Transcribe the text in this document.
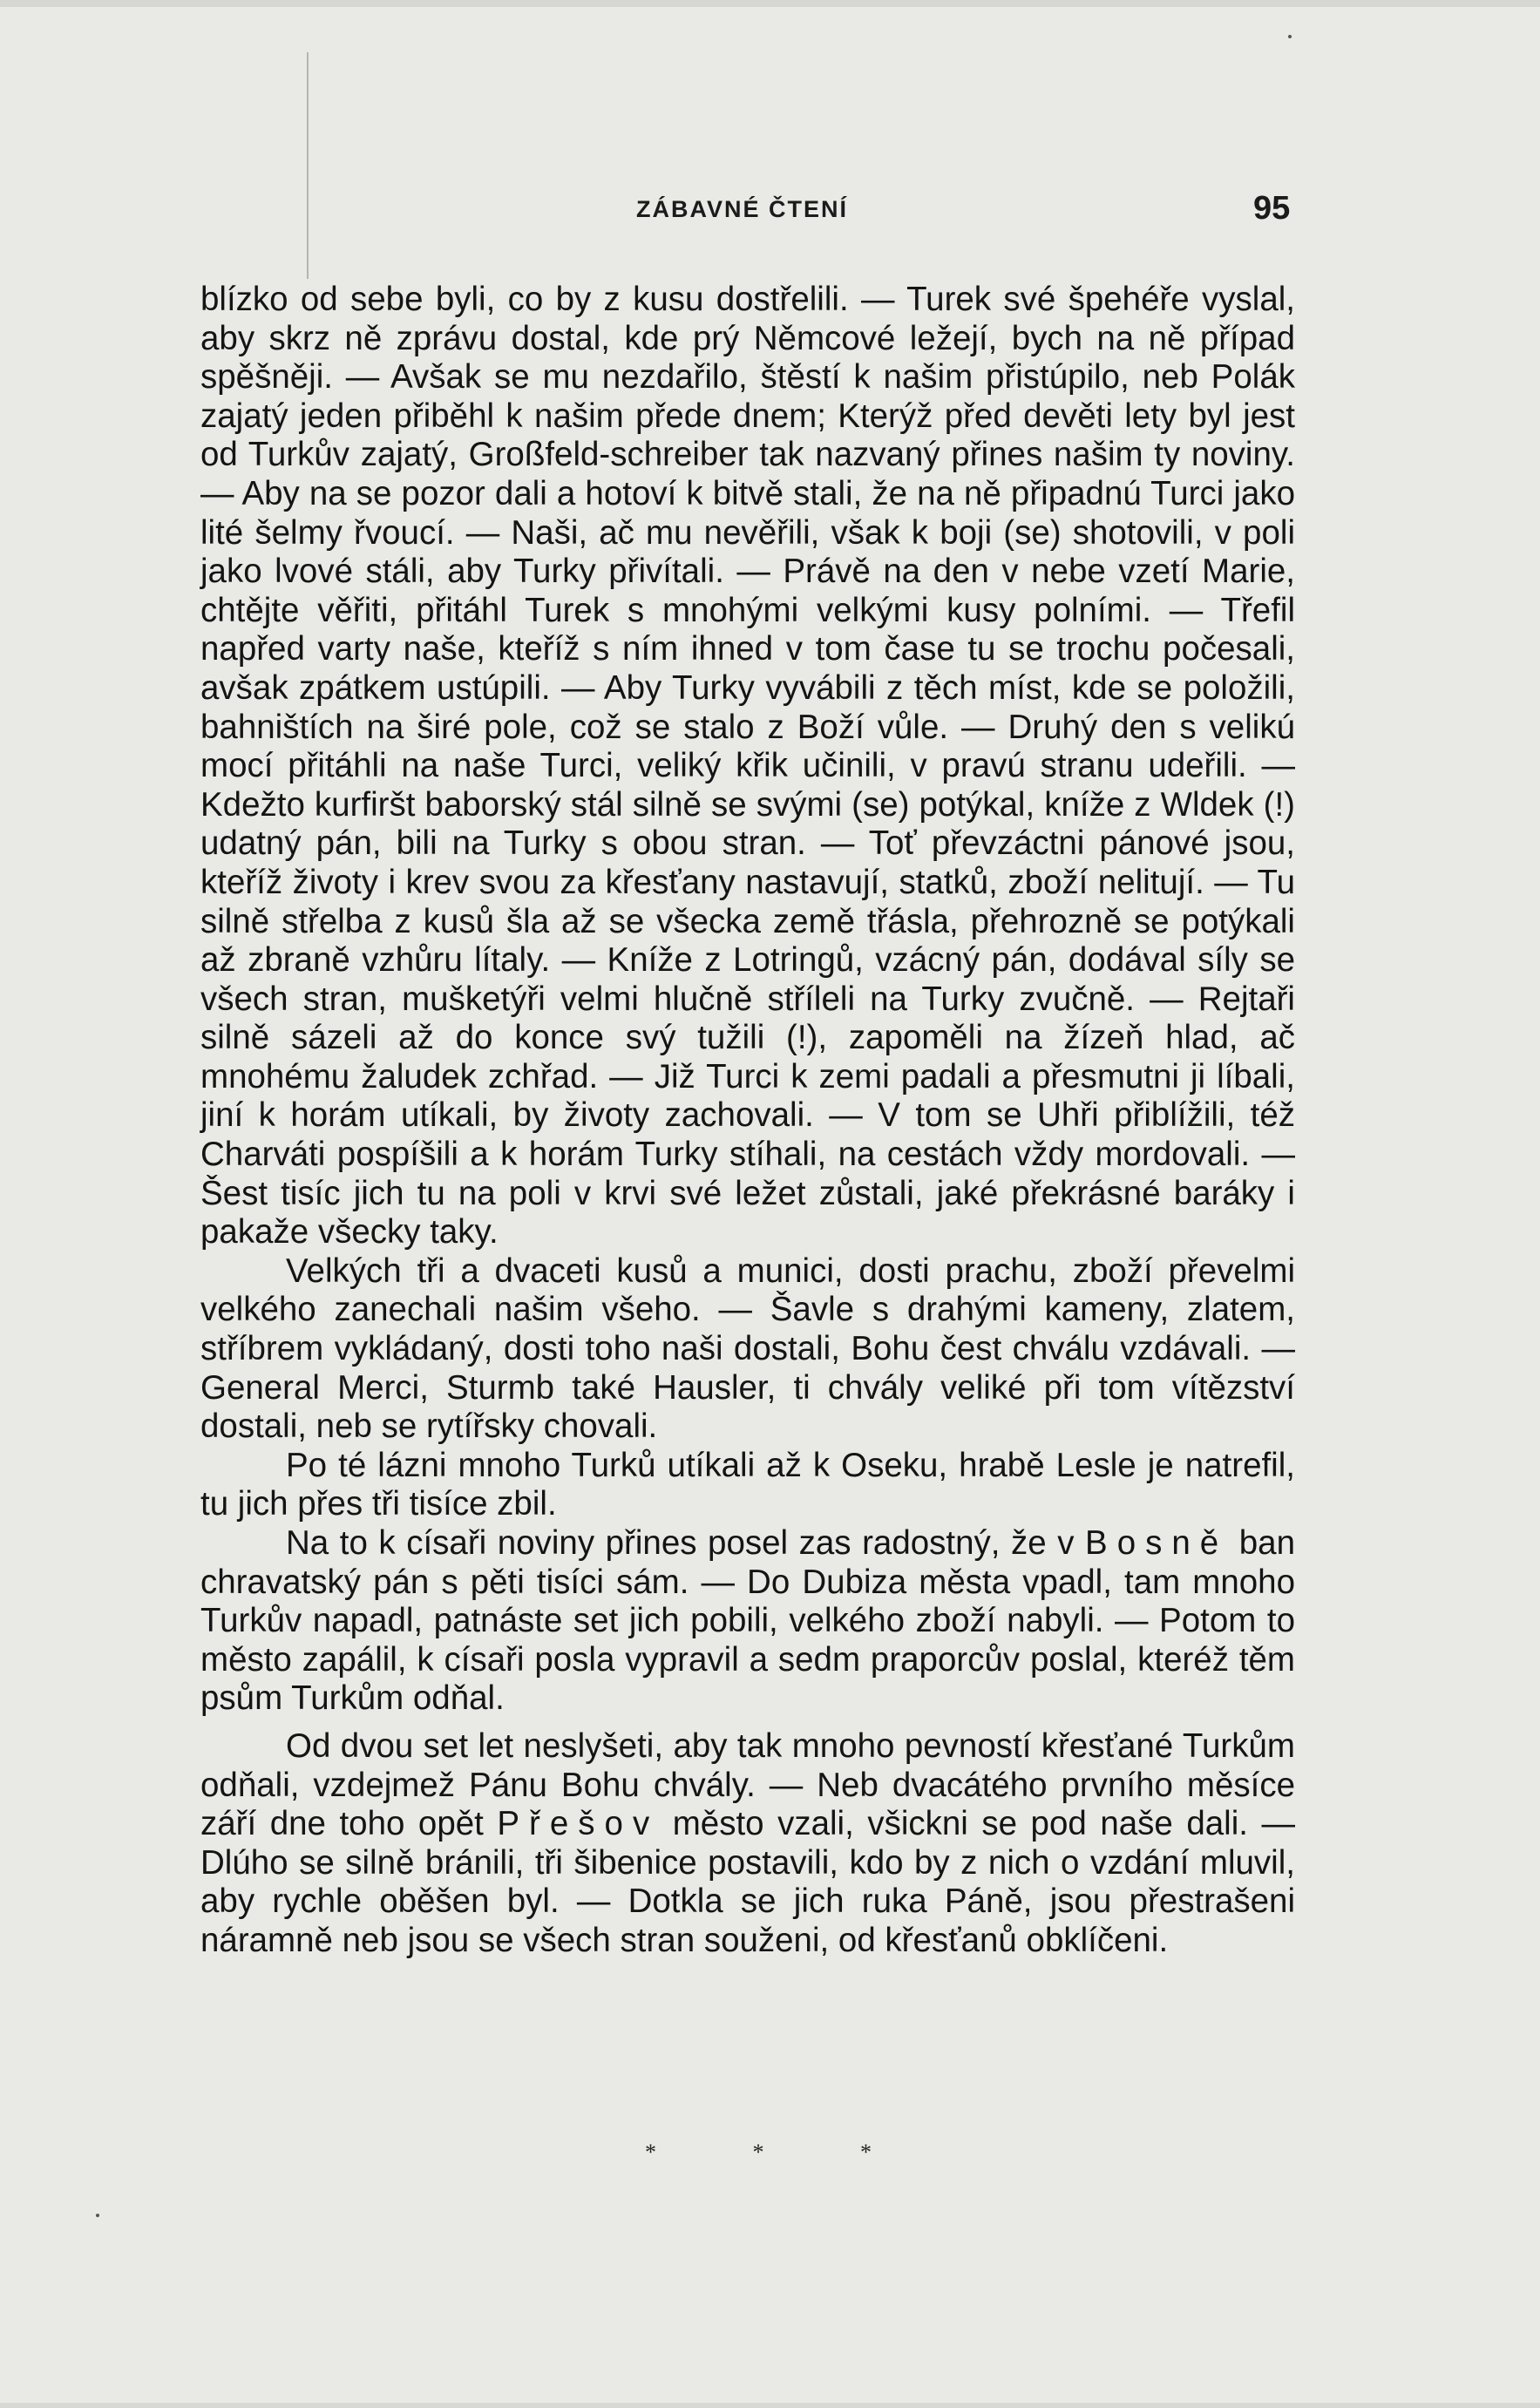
ZÁBAVNÉ ČTENÍ	95

blízko od sebe byli, co by z kusu dostřelili. — Turek své špehéře vyslal, aby skrz ně zprávu dostal, kde prý Němcové ležejí, bych na ně případ spěšněji. — Avšak se mu nezdařilo, štěstí k našim přistúpilo, neb Polák zajatý jeden přiběhl k našim přede dnem; Kterýž před devěti lety byl jest od Turkův zajatý, Großfeld-schreiber tak nazvaný přines našim ty noviny. — Aby na se pozor dali a hotoví k bitvě stali, že na ně připadnú Turci jako lité šelmy řvoucí. — Naši, ač mu nevěřili, však k boji (se) shotovili, v poli jako lvové stáli, aby Turky přivítali. — Právě na den v nebe vzetí Marie, chtějte věřiti, přitáhl Turek s mnohými velkými kusy polními. — Třefil napřed varty naše, kteříž s ním ihned v tom čase tu se trochu počesali, avšak zpátkem ustúpili. — Aby Turky vyvábili z těch míst, kde se položili, bahništích na širé pole, což se stalo z Boží vůle. — Druhý den s velikú mocí přitáhli na naše Turci, veliký křik učinili, v pravú stranu udeřili. — Kdežto kurfiršt baborský stál silně se svými (se) potýkal, kníže z Wldek (!) udatný pán, bili na Turky s obou stran. — Toť převzáctni pánové jsou, kteříž životy i krev svou za křesťany nastavují, statků, zboží nelitují. — Tu silně střelba z kusů šla až se všecka země třásla, přehrozně se potýkali až zbraně vzhůru lítaly. — Kníže z Lotringů, vzácný pán, dodával síly se všech stran, mušketýři velmi hlučně stříleli na Turky zvučně. — Rejtaři silně sázeli až do konce svý tužili (!), zapoměli na žízeň hlad, ač mnohému žaludek zchřad. — Již Turci k zemi padali a přesmutni ji líbali, jiní k horám utíkali, by životy zachovali. — V tom se Uhři přiblížili, též Charváti pospíšili a k horám Turky stíhali, na cestách vždy mordovali. — Šest tisíc jich tu na poli v krvi své ležet zůstali, jaké překrásné baráky i pakaže všecky taky.

Velkých tři a dvaceti kusů a munici, dosti prachu, zboží převelmi velkého zanechali našim všeho. — Šavle s drahými kameny, zlatem, stříbrem vykládaný, dosti toho naši dostali, Bohu čest chválu vzdávali. — General Merci, Sturmb také Hausler, ti chvály veliké při tom vítězství dostali, neb se rytířsky chovali.

Po té lázni mnoho Turků utíkali až k Oseku, hrabě Lesle je natrefil, tu jich přes tři tisíce zbil.

Na to k císaři noviny přines posel zas radostný, že v Bosně ban chravatský pán s pěti tisíci sám. — Do Dubiza města vpadl, tam mnoho Turkův napadl, patnáste set jich pobili, velkého zboží nabyli. — Potom to město zapálil, k císaři posla vypravil a sedm praporcův poslal, kteréž těm psům Turkům odňal.

Od dvou set let neslyšeti, aby tak mnoho pevností křesťané Turkům odňali, vzdejmež Pánu Bohu chvály. — Neb dvacátého prvního měsíce září dne toho opět Přešov město vzali, všickni se pod naše dali. — Dlúho se silně bránili, tři šibenice postavili, kdo by z nich o vzdání mluvil, aby rychle oběšen byl. — Dotkla se jich ruka Páně, jsou přestrašeni náramně neb jsou se všech stran souženi, od křesťanů obklíčeni.

*	*	*
